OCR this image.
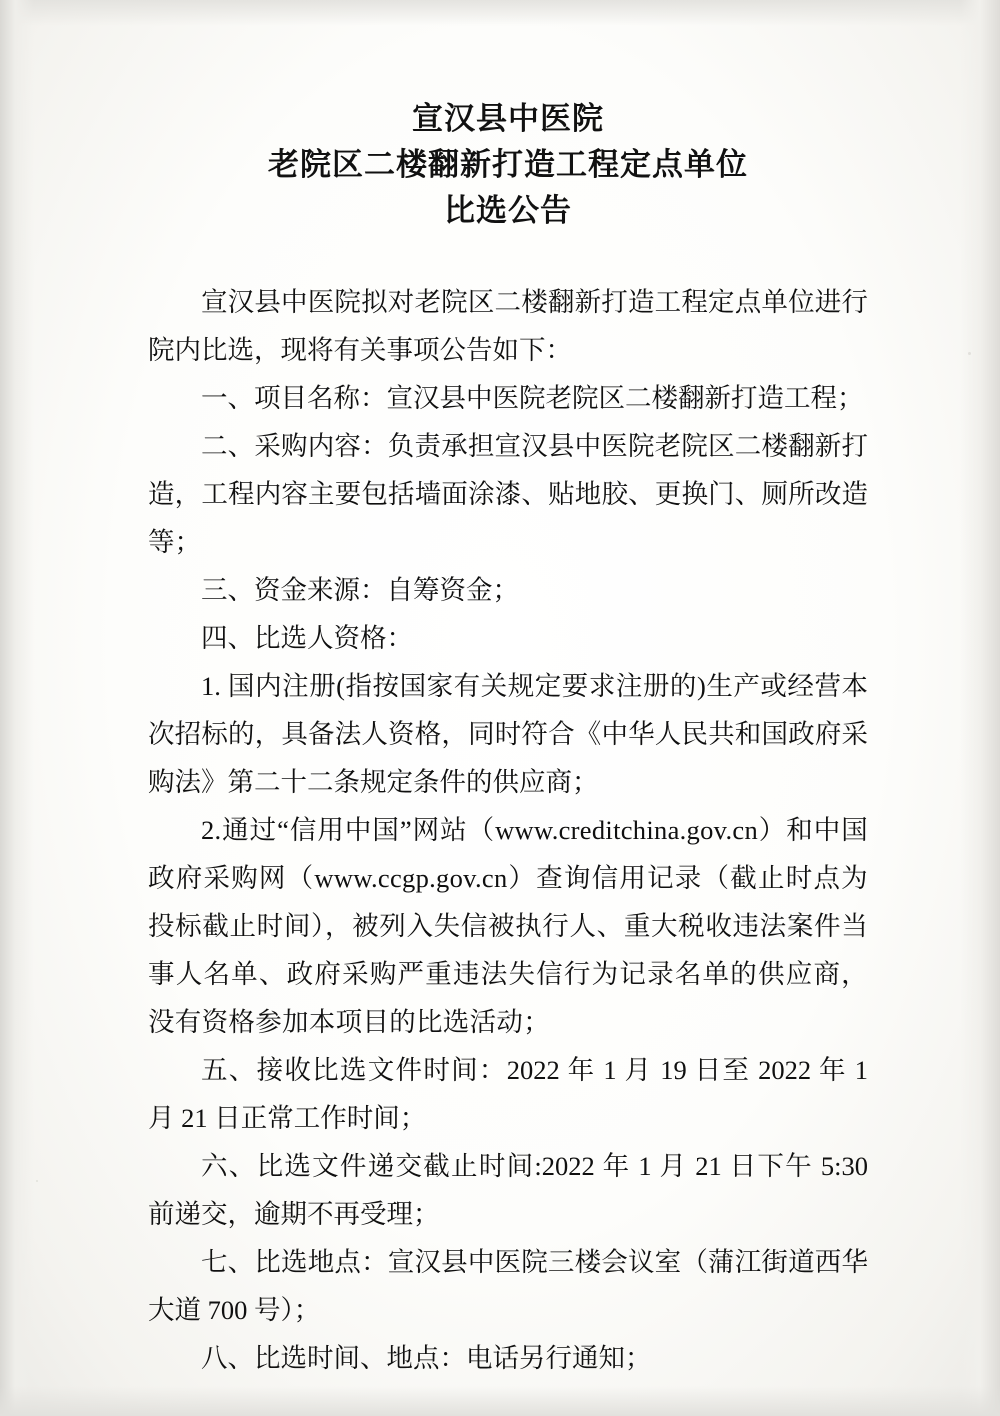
宣汉县中医院
老院区二楼翻新打造工程定点单位
比选公告

宣汉县中医院拟对老院区二楼翻新打造工程定点单位进行院内比选，现将有关事项公告如下：

一、项目名称：宣汉县中医院老院区二楼翻新打造工程；

二、采购内容：负责承担宣汉县中医院老院区二楼翻新打造，工程内容主要包括墙面涂漆、贴地胶、更换门、厕所改造等；

三、资金来源：自筹资金；

四、比选人资格：

1. 国内注册(指按国家有关规定要求注册的)生产或经营本次招标的，具备法人资格，同时符合《中华人民共和国政府采购法》第二十二条规定条件的供应商；

2.通过“信用中国”网站（www.creditchina.gov.cn）和中国政府采购网（www.ccgp.gov.cn）查询信用记录（截止时点为投标截止时间），被列入失信被执行人、重大税收违法案件当事人名单、政府采购严重违法失信行为记录名单的供应商，没有资格参加本项目的比选活动；

五、接收比选文件时间：2022 年 1 月 19 日至 2022 年 1 月 21 日正常工作时间；

六、比选文件递交截止时间:2022 年 1 月 21 日下午 5:30 前递交，逾期不再受理；

七、比选地点：宣汉县中医院三楼会议室（蒲江街道西华大道 700 号）；

八、比选时间、地点：电话另行通知；
